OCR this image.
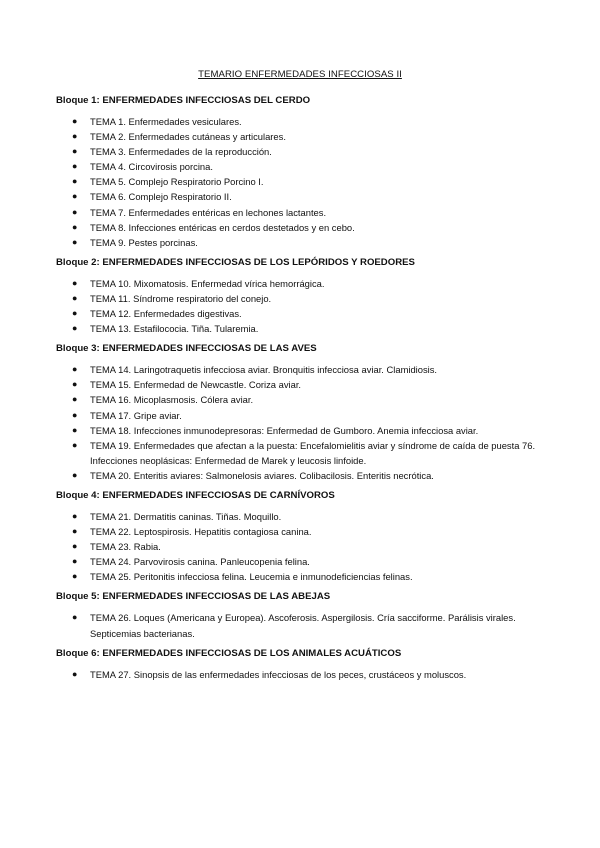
TEMARIO ENFERMEDADES INFECCIOSAS II

Bloque 1: ENFERMEDADES INFECCIOSAS DEL CERDO

● TEMA 1. Enfermedades vesiculares.
● TEMA 2. Enfermedades cutáneas y articulares.
● TEMA 3. Enfermedades de la reproducción.
● TEMA 4. Circovirosis porcina.
● TEMA 5. Complejo Respiratorio Porcino I.
● TEMA 6. Complejo Respiratorio II.
● TEMA 7. Enfermedades entéricas en lechones lactantes.
● TEMA 8. Infecciones entéricas en cerdos destetados y en cebo.
● TEMA 9. Pestes porcinas.

Bloque 2: ENFERMEDADES INFECCIOSAS DE LOS LEPÓRIDOS Y ROEDORES

● TEMA 10. Mixomatosis. Enfermedad vírica hemorrágica.
● TEMA 11. Síndrome respiratorio del conejo.
● TEMA 12. Enfermedades digestivas.
● TEMA 13. Estafilococia. Tiña. Tularemia.

Bloque 3: ENFERMEDADES INFECCIOSAS DE LAS AVES

● TEMA 14. Laringotraquetis infecciosa aviar. Bronquitis infecciosa aviar. Clamidiosis.
● TEMA 15. Enfermedad de Newcastle. Coriza aviar.
● TEMA 16. Micoplasmosis. Cólera aviar.
● TEMA 17. Gripe aviar.
● TEMA 18. Infecciones inmunodepresoras: Enfermedad de Gumboro. Anemia infecciosa aviar.
● TEMA 19. Enfermedades que afectan a la puesta: Encefalomielitis aviar y síndrome de caída de puesta 76. Infecciones neoplásicas: Enfermedad de Marek y leucosis linfoide.
● TEMA 20. Enteritis aviares: Salmonelosis aviares. Colibacilosis. Enteritis necrótica.

Bloque 4: ENFERMEDADES INFECCIOSAS DE CARNÍVOROS

● TEMA 21. Dermatitis caninas. Tiñas. Moquillo.
● TEMA 22. Leptospirosis. Hepatitis contagiosa canina.
● TEMA 23. Rabia.
● TEMA 24. Parvovirosis canina. Panleucopenia felina.
● TEMA 25. Peritonitis infecciosa felina. Leucemia e inmunodeficiencias felinas.

Bloque 5: ENFERMEDADES INFECCIOSAS DE LAS ABEJAS

● TEMA 26. Loques (Americana y Europea). Ascoferosis. Aspergilosis. Cría sacciforme. Parálisis virales. Septicemias bacterianas.

Bloque 6: ENFERMEDADES INFECCIOSAS DE LOS ANIMALES ACUÁTICOS

● TEMA 27. Sinopsis de las enfermedades infecciosas de los peces, crustáceos y moluscos.
